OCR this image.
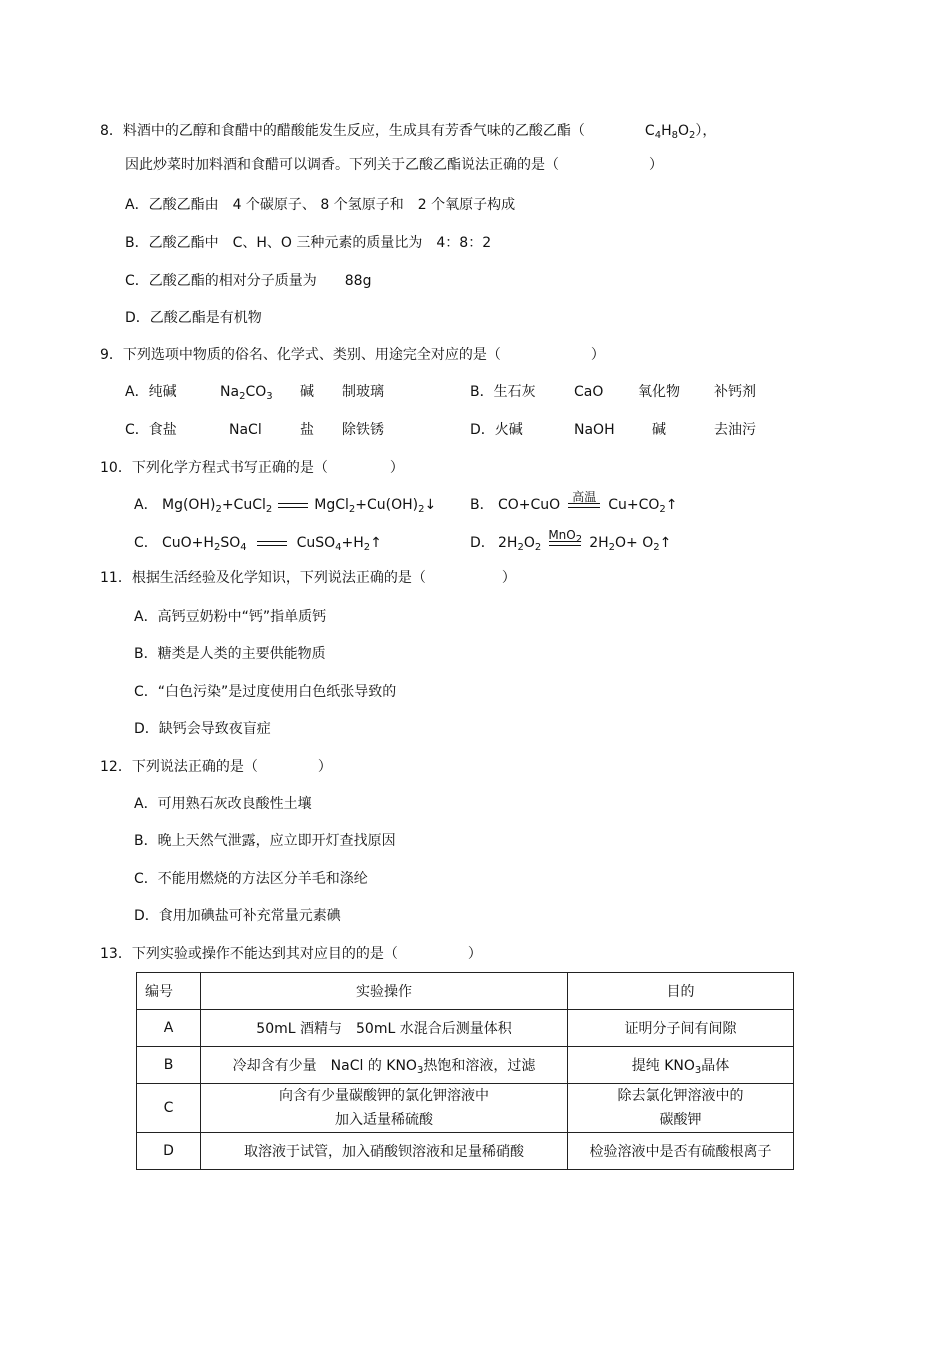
8．料酒中的乙醇和食醋中的醋酸能发生反应，生成具有芳香气味的乙酸乙酯（	$C_4H_8O_2$），
因此炒菜时加料酒和食醋可以调香。下列关于乙酸乙酯说法正确的是（	）
A．乙酸乙酯由　4 个碳原子、 8 个氢原子和　2 个氧原子构成
B．乙酸乙酯中　C、H、O 三种元素的质量比为　4：8：2
C．乙酸乙酯的相对分子质量为　　88g
D．乙酸乙酯是有机物
9．下列选项中物质的俗名、化学式、类别、用途完全对应的是（	）
A．纯碱	$Na_2CO_3$ 碱 制玻璃	B．生石灰	CaO 氧化物 补钙剂
C．食盐	NaCl	盐 除铁锈	D．火碱	NaOH	碱	去油污
10．下列化学方程式书写正确的是（	）
A． $Mg(OH)_2+CuCl_2$	$MgCl_2+Cu(OH)_2↓$ B． CO+CuO
高温
$Cu+CO_2↑$
C． $CuO+H_2SO_4$	$CuSO_4+H_2↑$	D． $2H_2O_2$
MnO$_2$ $2H_2O+$ $O_2↑$
11．根据生活经验及化学知识，下列说法正确的是（	）
A．高钙豆奶粉中“钙”指单质钙
B．糖类是人类的主要供能物质
C．“白色污染”是过度使用白色纸张导致的
D．缺钙会导致夜盲症
12．下列说法正确的是（	）
A．可用熟石灰改良酸性土壤
B．晚上天然气泄露，应立即开灯查找原因
C．不能用燃烧的方法区分羊毛和涤纶
D．食用加碘盐可补充常量元素碘
13．下列实验或操作不能达到其对应目的的是（	）
编号	实验操作	目的
A	50mL 酒精与　50mL 水混合后测量体积	证明分子间有间隙
B	冷却含有少量　NaCl 的 $KNO_3$热饱和溶液，过滤	提纯 $KNO_3$晶体
C	向含有少量碳酸钾的氯化钾溶液中
加入适量稀硫酸	除去氯化钾溶液中的
碳酸钾
D	取溶液于试管，加入硝酸钡溶液和足量稀硝酸	检验溶液中是否有硫酸根离子
